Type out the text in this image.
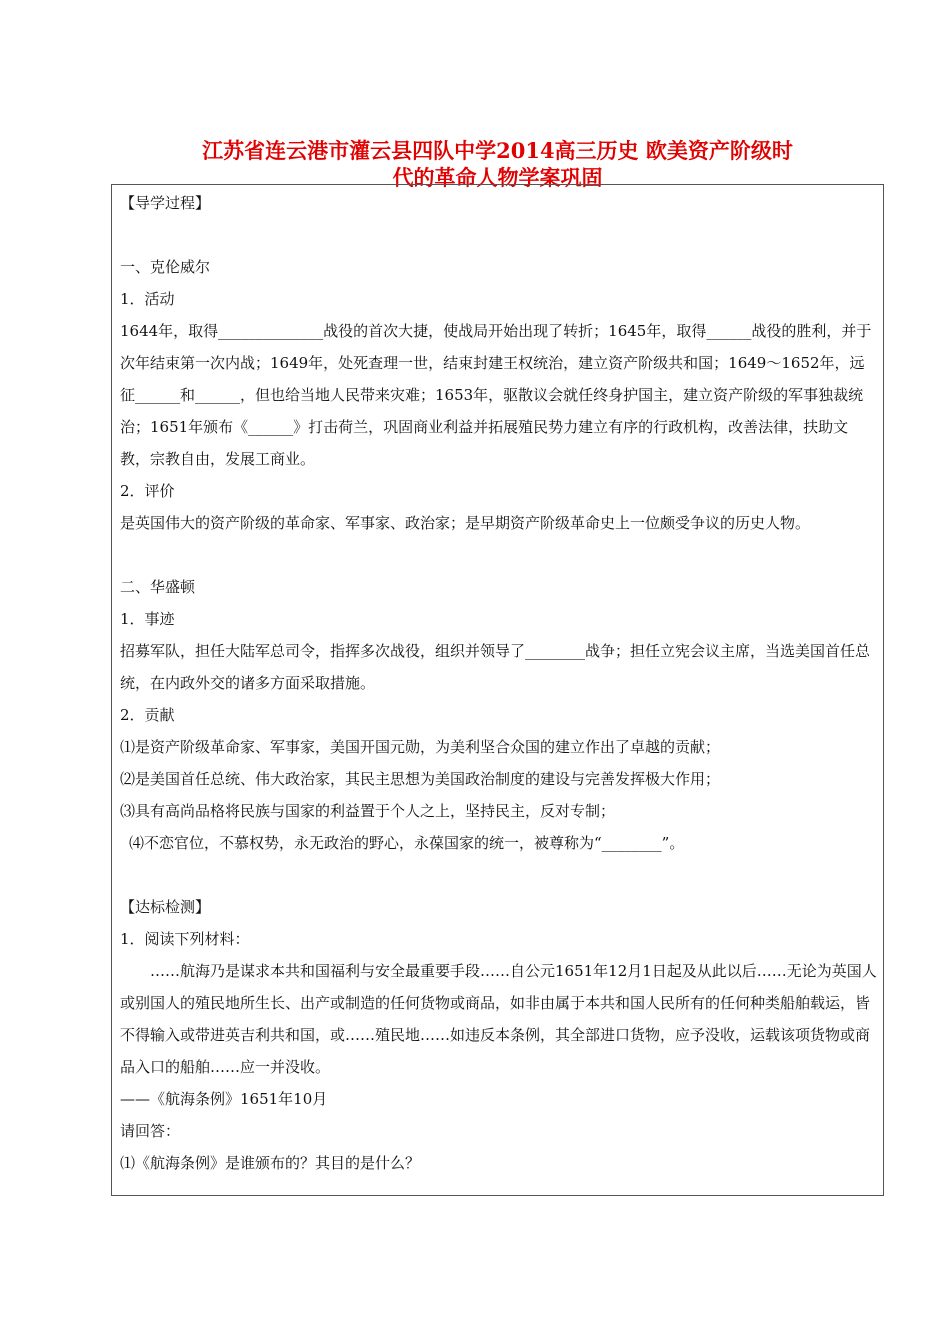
江苏省连云港市灌云县四队中学2014高三历史 欧美资产阶级时
代的革命人物学案巩固

【导学过程】

一、克伦威尔

1．活动

1644年，取得______________战役的首次大捷，使战局开始出现了转折；1645年，取得______战役的胜利，并于次年结束第一次内战；1649年，处死查理一世，结束封建王权统治，建立资产阶级共和国；1649～1652年，远征______和______，但也给当地人民带来灾难；1653年，驱散议会就任终身护国主，建立资产阶级的军事独裁统治；1651年颁布《______》打击荷兰，巩固商业利益并拓展殖民势力建立有序的行政机构，改善法律，扶助文教，宗教自由，发展工商业。

2．评价

是英国伟大的资产阶级的革命家、军事家、政治家；是早期资产阶级革命史上一位颇受争议的历史人物。

二、华盛顿

1．事迹

招募军队，担任大陆军总司令，指挥多次战役，组织并领导了________战争；担任立宪会议主席，当选美国首任总统，在内政外交的诸多方面采取措施。

2．贡献

⑴是资产阶级革命家、军事家，美国开国元勋，为美利坚合众国的建立作出了卓越的贡献；

⑵是美国首任总统、伟大政治家，其民主思想为美国政治制度的建设与完善发挥极大作用；

⑶具有高尚品格将民族与国家的利益置于个人之上，坚持民主，反对专制；

⑷不恋官位，不慕权势，永无政治的野心，永葆国家的统一，被尊称为“________”。

【达标检测】

1．阅读下列材料：

……航海乃是谋求本共和国福利与安全最重要手段……自公元1651年12月1日起及从此以后……无论为英国人或别国人的殖民地所生长、出产或制造的任何货物或商品，如非由属于本共和国人民所有的任何种类船舶载运，皆不得输入或带进英吉利共和国，或……殖民地……如违反本条例，其全部进口货物，应予没收，运载该项货物或商品入口的船舶……应一并没收。

——《航海条例》1651年10月

请回答：

⑴《航海条例》是谁颁布的？其目的是什么？
